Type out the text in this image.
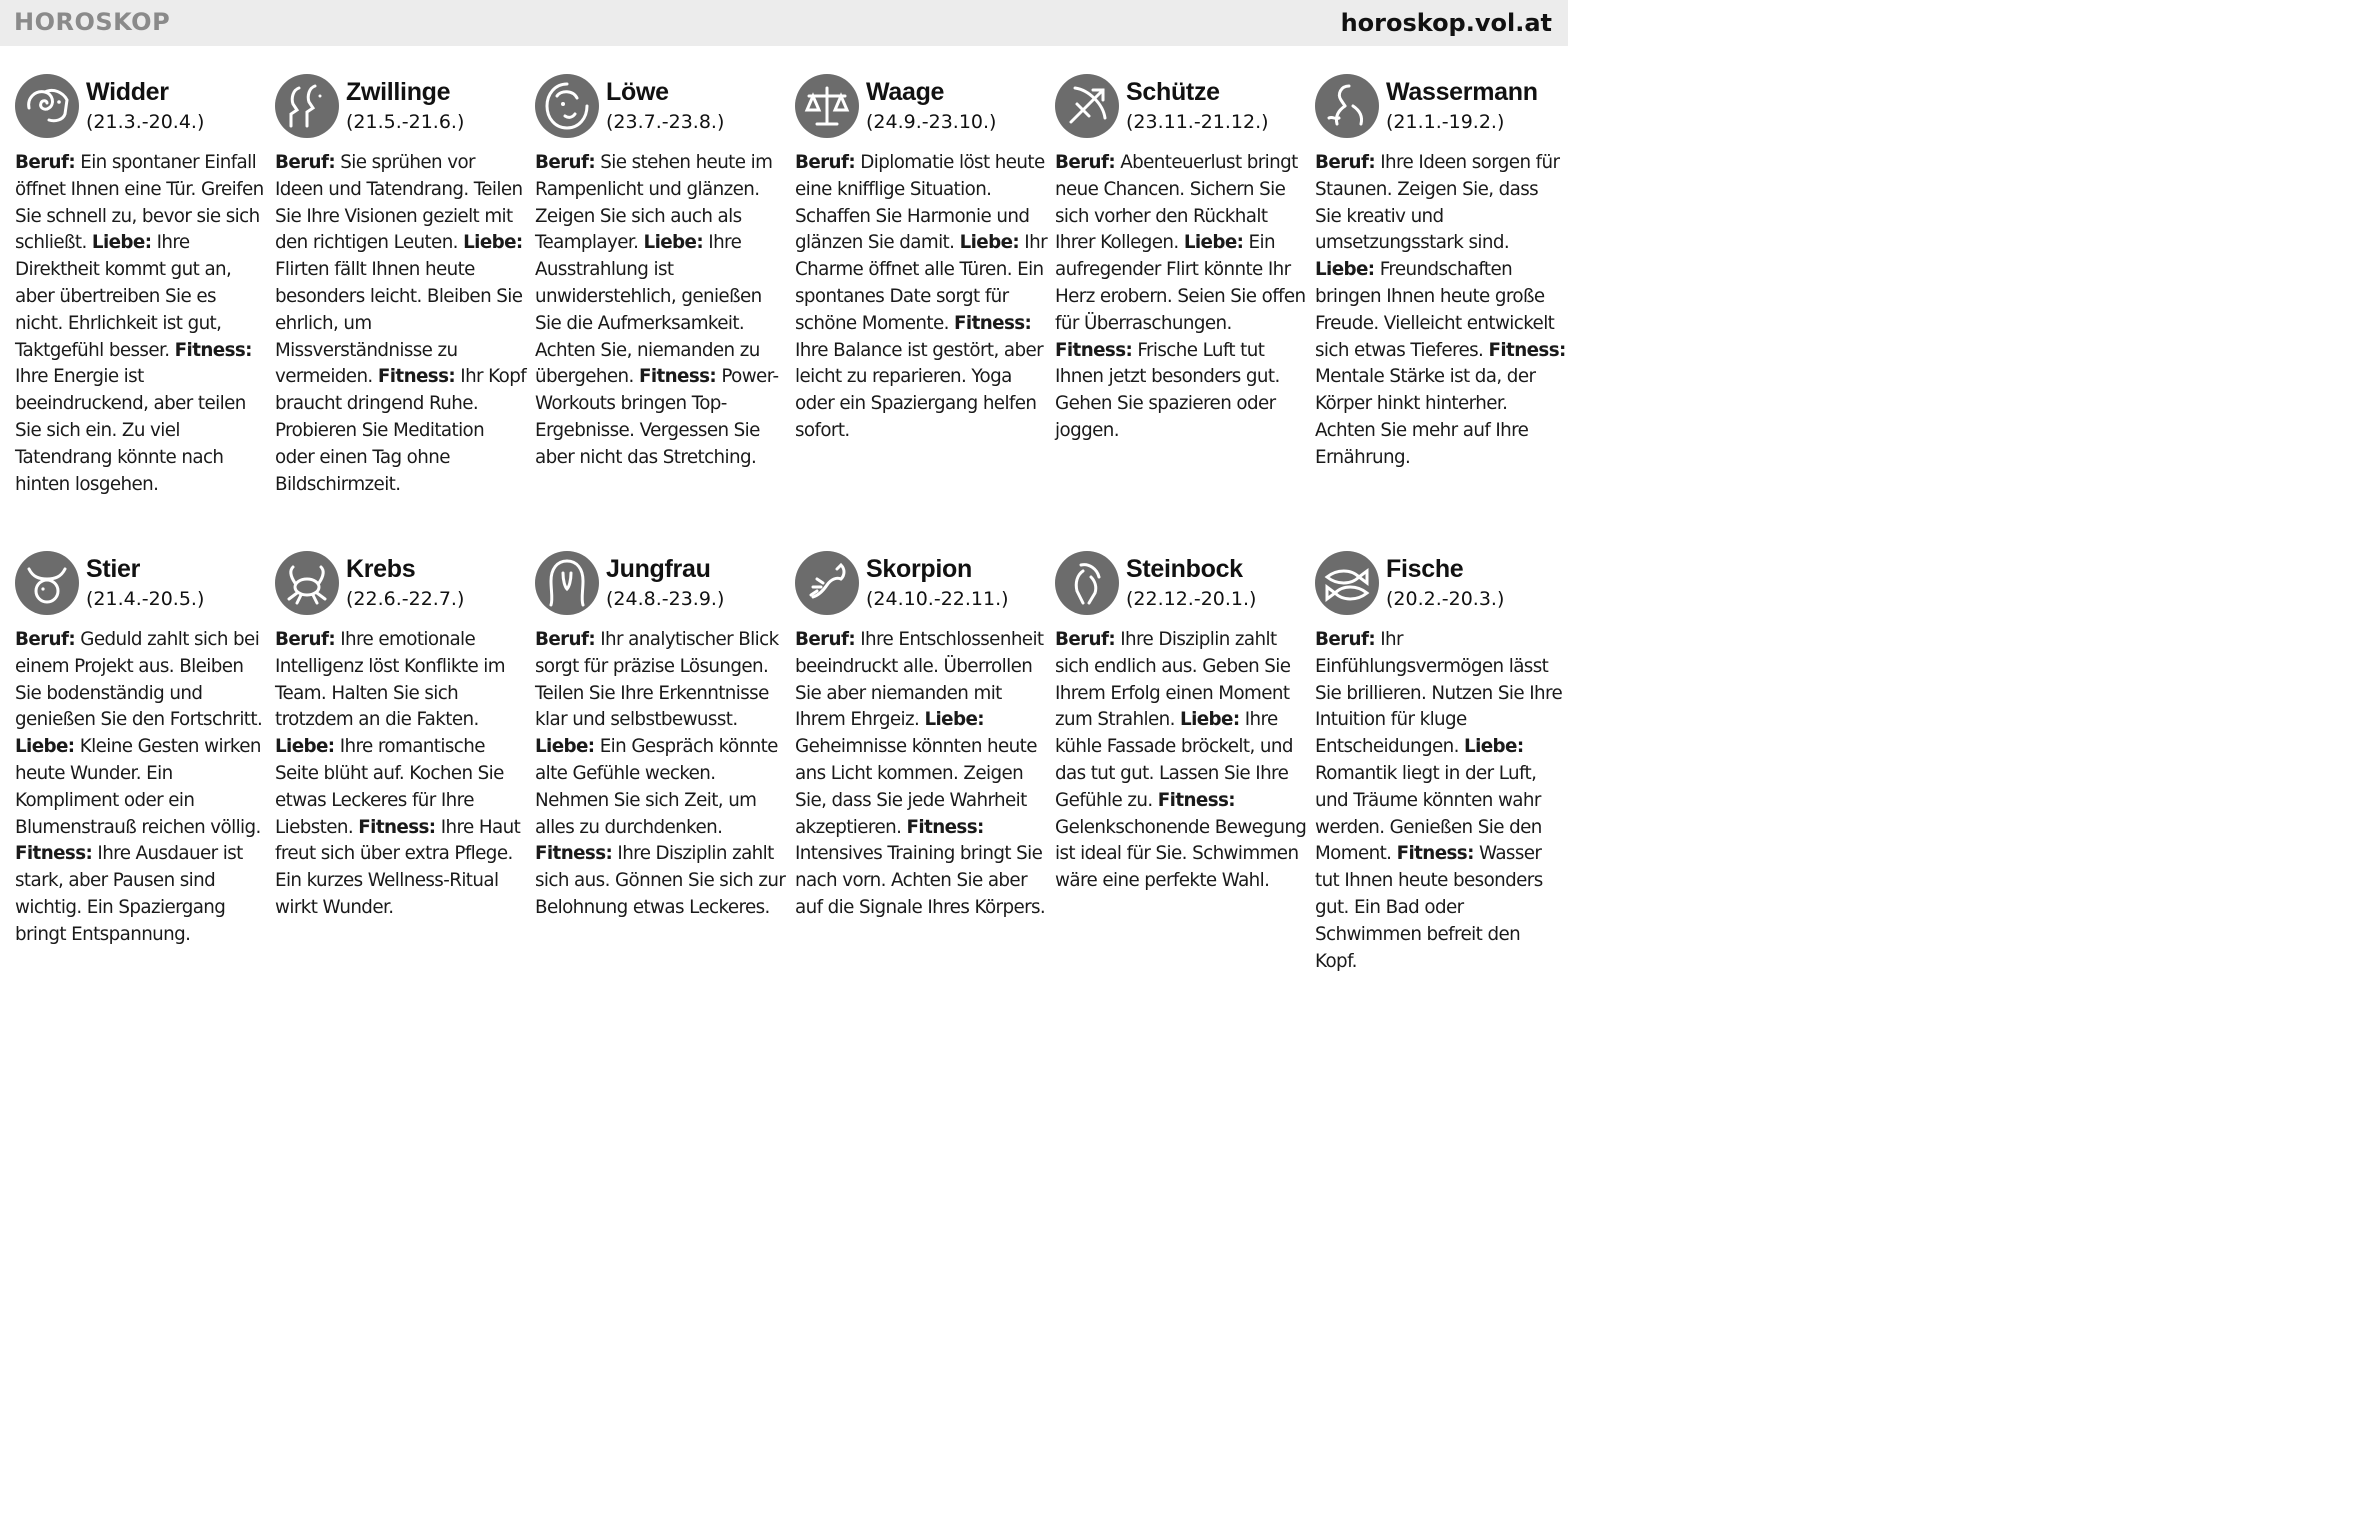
HOROSKOP	horoskop.vol.at
Widder
(21.3.-20.4.)
Beruf: Ein spontaner Einfall öffnet Ihnen eine Tür. Greifen Sie schnell zu, bevor sie sich schließt. Liebe: Ihre Direktheit kommt gut an, aber übertreiben Sie es nicht. Ehrlichkeit ist gut, Taktgefühl besser. Fitness: Ihre Energie ist beeindruckend, aber teilen Sie sich ein. Zu viel Tatendrang könnte nach hinten losgehen.
Zwillinge
(21.5.-21.6.)
Beruf: Sie sprühen vor Ideen und Tatendrang. Teilen Sie Ihre Visionen gezielt mit den richtigen Leuten. Liebe: Flirten fällt Ihnen heute besonders leicht. Bleiben Sie ehrlich, um Missverständnisse zu vermeiden. Fitness: Ihr Kopf braucht dringend Ruhe. Probieren Sie Meditation oder einen Tag ohne Bildschirmzeit.
Löwe
(23.7.-23.8.)
Beruf: Sie stehen heute im Rampenlicht und glänzen. Zeigen Sie sich auch als Teamplayer. Liebe: Ihre Ausstrahlung ist unwiderstehlich, genießen Sie die Aufmerksamkeit. Achten Sie, niemanden zu übergehen. Fitness: Power-Workouts bringen Top-Ergebnisse. Vergessen Sie aber nicht das Stretching.
Waage
(24.9.-23.10.)
Beruf: Diplomatie löst heute eine knifflige Situation. Schaffen Sie Harmonie und glänzen Sie damit. Liebe: Ihr Charme öffnet alle Türen. Ein spontanes Date sorgt für schöne Momente. Fitness: Ihre Balance ist gestört, aber leicht zu reparieren. Yoga oder ein Spaziergang helfen sofort.
Schütze
(23.11.-21.12.)
Beruf: Abenteuerlust bringt neue Chancen. Sichern Sie sich vorher den Rückhalt Ihrer Kollegen. Liebe: Ein aufregender Flirt könnte Ihr Herz erobern. Seien Sie offen für Überraschungen. Fitness: Frische Luft tut Ihnen jetzt besonders gut. Gehen Sie spazieren oder joggen.
Wassermann
(21.1.-19.2.)
Beruf: Ihre Ideen sorgen für Staunen. Zeigen Sie, dass Sie kreativ und umsetzungsstark sind. Liebe: Freundschaften bringen Ihnen heute große Freude. Vielleicht entwickelt sich etwas Tieferes. Fitness: Mentale Stärke ist da, der Körper hinkt hinterher. Achten Sie mehr auf Ihre Ernährung.
Stier
(21.4.-20.5.)
Beruf: Geduld zahlt sich bei einem Projekt aus. Bleiben Sie bodenständig und genießen Sie den Fortschritt. Liebe: Kleine Gesten wirken heute Wunder. Ein Kompliment oder ein Blumenstrauß reichen völlig. Fitness: Ihre Ausdauer ist stark, aber Pausen sind wichtig. Ein Spaziergang bringt Entspannung.
Krebs
(22.6.-22.7.)
Beruf: Ihre emotionale Intelligenz löst Konflikte im Team. Halten Sie sich trotzdem an die Fakten. Liebe: Ihre romantische Seite blüht auf. Kochen Sie etwas Leckeres für Ihre Liebsten. Fitness: Ihre Haut freut sich über extra Pflege. Ein kurzes Wellness-Ritual wirkt Wunder.
Jungfrau
(24.8.-23.9.)
Beruf: Ihr analytischer Blick sorgt für präzise Lösungen. Teilen Sie Ihre Erkenntnisse klar und selbstbewusst. Liebe: Ein Gespräch könnte alte Gefühle wecken. Nehmen Sie sich Zeit, um alles zu durchdenken. Fitness: Ihre Disziplin zahlt sich aus. Gönnen Sie sich zur Belohnung etwas Leckeres.
Skorpion
(24.10.-22.11.)
Beruf: Ihre Entschlossenheit beeindruckt alle. Überrollen Sie aber niemanden mit Ihrem Ehrgeiz. Liebe: Geheimnisse könnten heute ans Licht kommen. Zeigen Sie, dass Sie jede Wahrheit akzeptieren. Fitness: Intensives Training bringt Sie nach vorn. Achten Sie aber auf die Signale Ihres Körpers.
Steinbock
(22.12.-20.1.)
Beruf: Ihre Disziplin zahlt sich endlich aus. Geben Sie Ihrem Erfolg einen Moment zum Strahlen. Liebe: Ihre kühle Fassade bröckelt, und das tut gut. Lassen Sie Ihre Gefühle zu. Fitness: Gelenkschonende Bewegung ist ideal für Sie. Schwimmen wäre eine perfekte Wahl.
Fische
(20.2.-20.3.)
Beruf: Ihr Einfühlungsvermögen lässt Sie brillieren. Nutzen Sie Ihre Intuition für kluge Entscheidungen. Liebe: Romantik liegt in der Luft, und Träume könnten wahr werden. Genießen Sie den Moment. Fitness: Wasser tut Ihnen heute besonders gut. Ein Bad oder Schwimmen befreit den Kopf.
